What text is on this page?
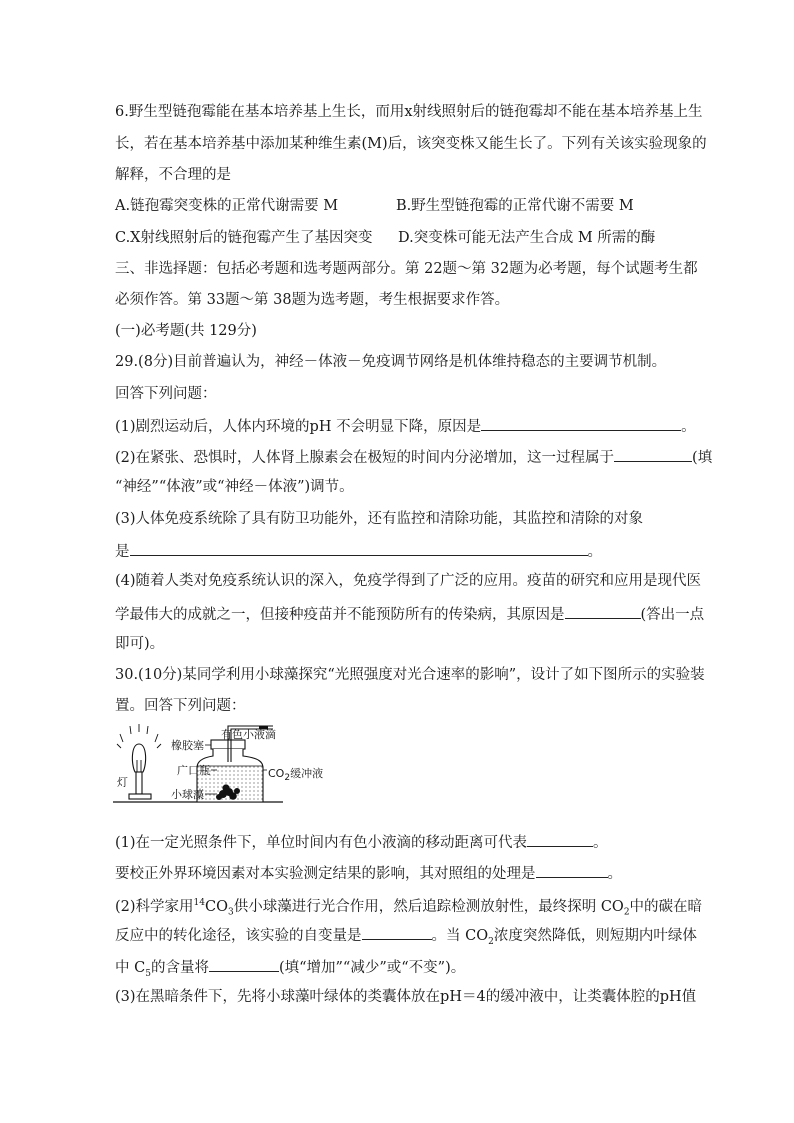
6.野生型链孢霉能在基本培养基上生长，而用x射线照射后的链孢霉却不能在基本培养基上生
长，若在基本培养基中添加某种维生素(M)后，该突变株又能生长了。下列有关该实验现象的
解释，不合理的是
A.链孢霉突变株的正常代谢需要 M	B.野生型链孢霉的正常代谢不需要 M
C.X射线照射后的链孢霉产生了基因突变 D.突变株可能无法产生合成 M 所需的酶
三、非选择题：包括必考题和选考题两部分。第 22题～第 32题为必考题，每个试题考生都
必须作答。第 33题～第 38题为选考题，考生根据要求作答。
(一)必考题(共 129分)
29.(8分)目前普遍认为，神经－体液－免疫调节网络是机体维持稳态的主要调节机制。
回答下列问题：
(1)剧烈运动后，人体内环境的pH 不会明显下降，原因是	。
(2)在紧张、恐惧时，人体肾上腺素会在极短的时间内分泌增加，这一过程属于	(填
“神经”“体液”或“神经－体液”)调节。
(3)人体免疫系统除了具有防卫功能外，还有监控和清除功能，其监控和清除的对象
是	。
(4)随着人类对免疫系统认识的深入，免疫学得到了广泛的应用。疫苗的研究和应用是现代医
学最伟大的成就之一，但接种疫苗并不能预防所有的传染病，其原因是	(答出一点
即可)。
30.(10分)某同学利用小球藻探究“光照强度对光合速率的影响”，设计了如下图所示的实验装
置。回答下列问题：
灯
橡胶塞
有色小液滴
广口瓶
小球藻
$CO_2$缓冲液
(1)在一定光照条件下，单位时间内有色小液滴的移动距离可代表	。
要校正外界环境因素对本实验测定结果的影响，其对照组的处理是	。
(2)科学家用$^{14}CO_3$供小球藻进行光合作用，然后追踪检测放射性，最终探明 $CO_2$中的碳在暗
反应中的转化途径，该实验的自变量是	。当 $CO_2$浓度突然降低，则短期内叶绿体
中 $C_5$的含量将	(填“增加”“减少”或“不变”)。
(3)在黑暗条件下，先将小球藻叶绿体的类囊体放在pH＝4的缓冲液中，让类囊体腔的pH值
